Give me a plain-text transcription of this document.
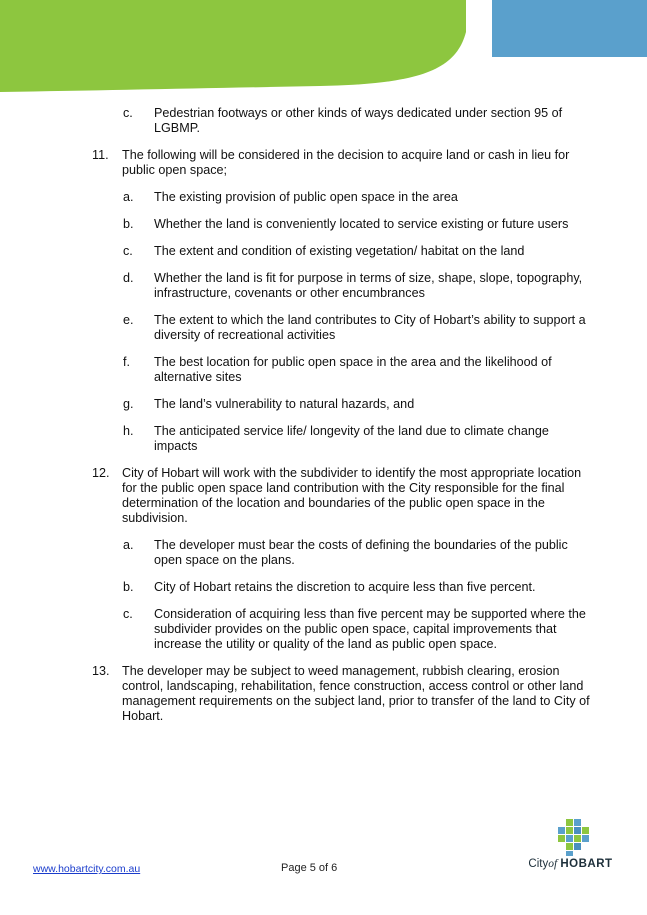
c. Pedestrian footways or other kinds of ways dedicated under section 95 of LGBMP.
11. The following will be considered in the decision to acquire land or cash in lieu for public open space;
a. The existing provision of public open space in the area
b. Whether the land is conveniently located to service existing or future users
c. The extent and condition of existing vegetation/ habitat on the land
d. Whether the land is fit for purpose in terms of size, shape, slope, topography, infrastructure, covenants or other encumbrances
e. The extent to which the land contributes to City of Hobart’s ability to support a diversity of recreational activities
f. The best location for public open space in the area and the likelihood of alternative sites
g. The land’s vulnerability to natural hazards, and
h. The anticipated service life/ longevity of the land due to climate change impacts
12. City of Hobart will work with the subdivider to identify the most appropriate location for the public open space land contribution with the City responsible for the final determination of the location and boundaries of the public open space in the subdivision.
a. The developer must bear the costs of defining the boundaries of the public open space on the plans.
b. City of Hobart retains the discretion to acquire less than five percent.
c. Consideration of acquiring less than five percent may be supported where the subdivider provides on the public open space, capital improvements that increase the utility or quality of the land as public open space.
13. The developer may be subject to weed management, rubbish clearing, erosion control, landscaping, rehabilitation, fence construction, access control or other land management requirements on the subject land, prior to transfer of the land to City of Hobart.
www.hobartcity.com.au	Page 5 of 6	Cityof HOBART
